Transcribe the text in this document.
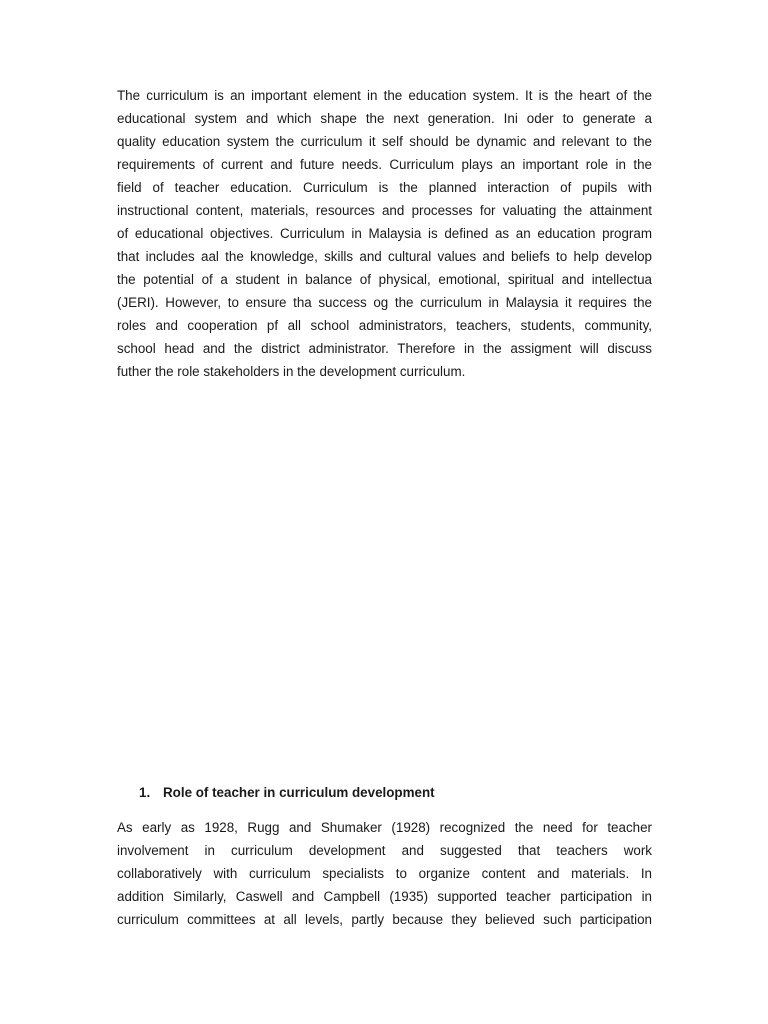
The curriculum is an important element in the education system. It is the heart of the
educational system and which shape the next generation. Ini oder to generate a
quality education system the curriculum it self should be dynamic and relevant to the
requirements of current and future needs. Curriculum plays an important role in the
field of teacher education. Curriculum is the planned interaction of pupils with
instructional content, materials, resources and processes for valuating the attainment
of educational objectives. Curriculum in Malaysia is defined as an education program
that includes aal the knowledge, skills and cultural values and beliefs to help develop
the potential of a student in balance of physical, emotional, spiritual and intellectua
(JERI). However, to ensure tha success og the curriculum in Malaysia it requires the
roles and cooperation pf all school administrators, teachers, students, community,
school head and the district administrator. Therefore in the assigment will discuss
futher the role stakeholders in the development curriculum.
1. Role of teacher in curriculum development
As early as 1928, Rugg and Shumaker (1928) recognized the need for teacher
involvement in curriculum development and suggested that teachers work
collaboratively with curriculum specialists to organize content and materials. In
addition Similarly, Caswell and Campbell (1935) supported teacher participation in
curriculum committees at all levels, partly because they believed such participation
